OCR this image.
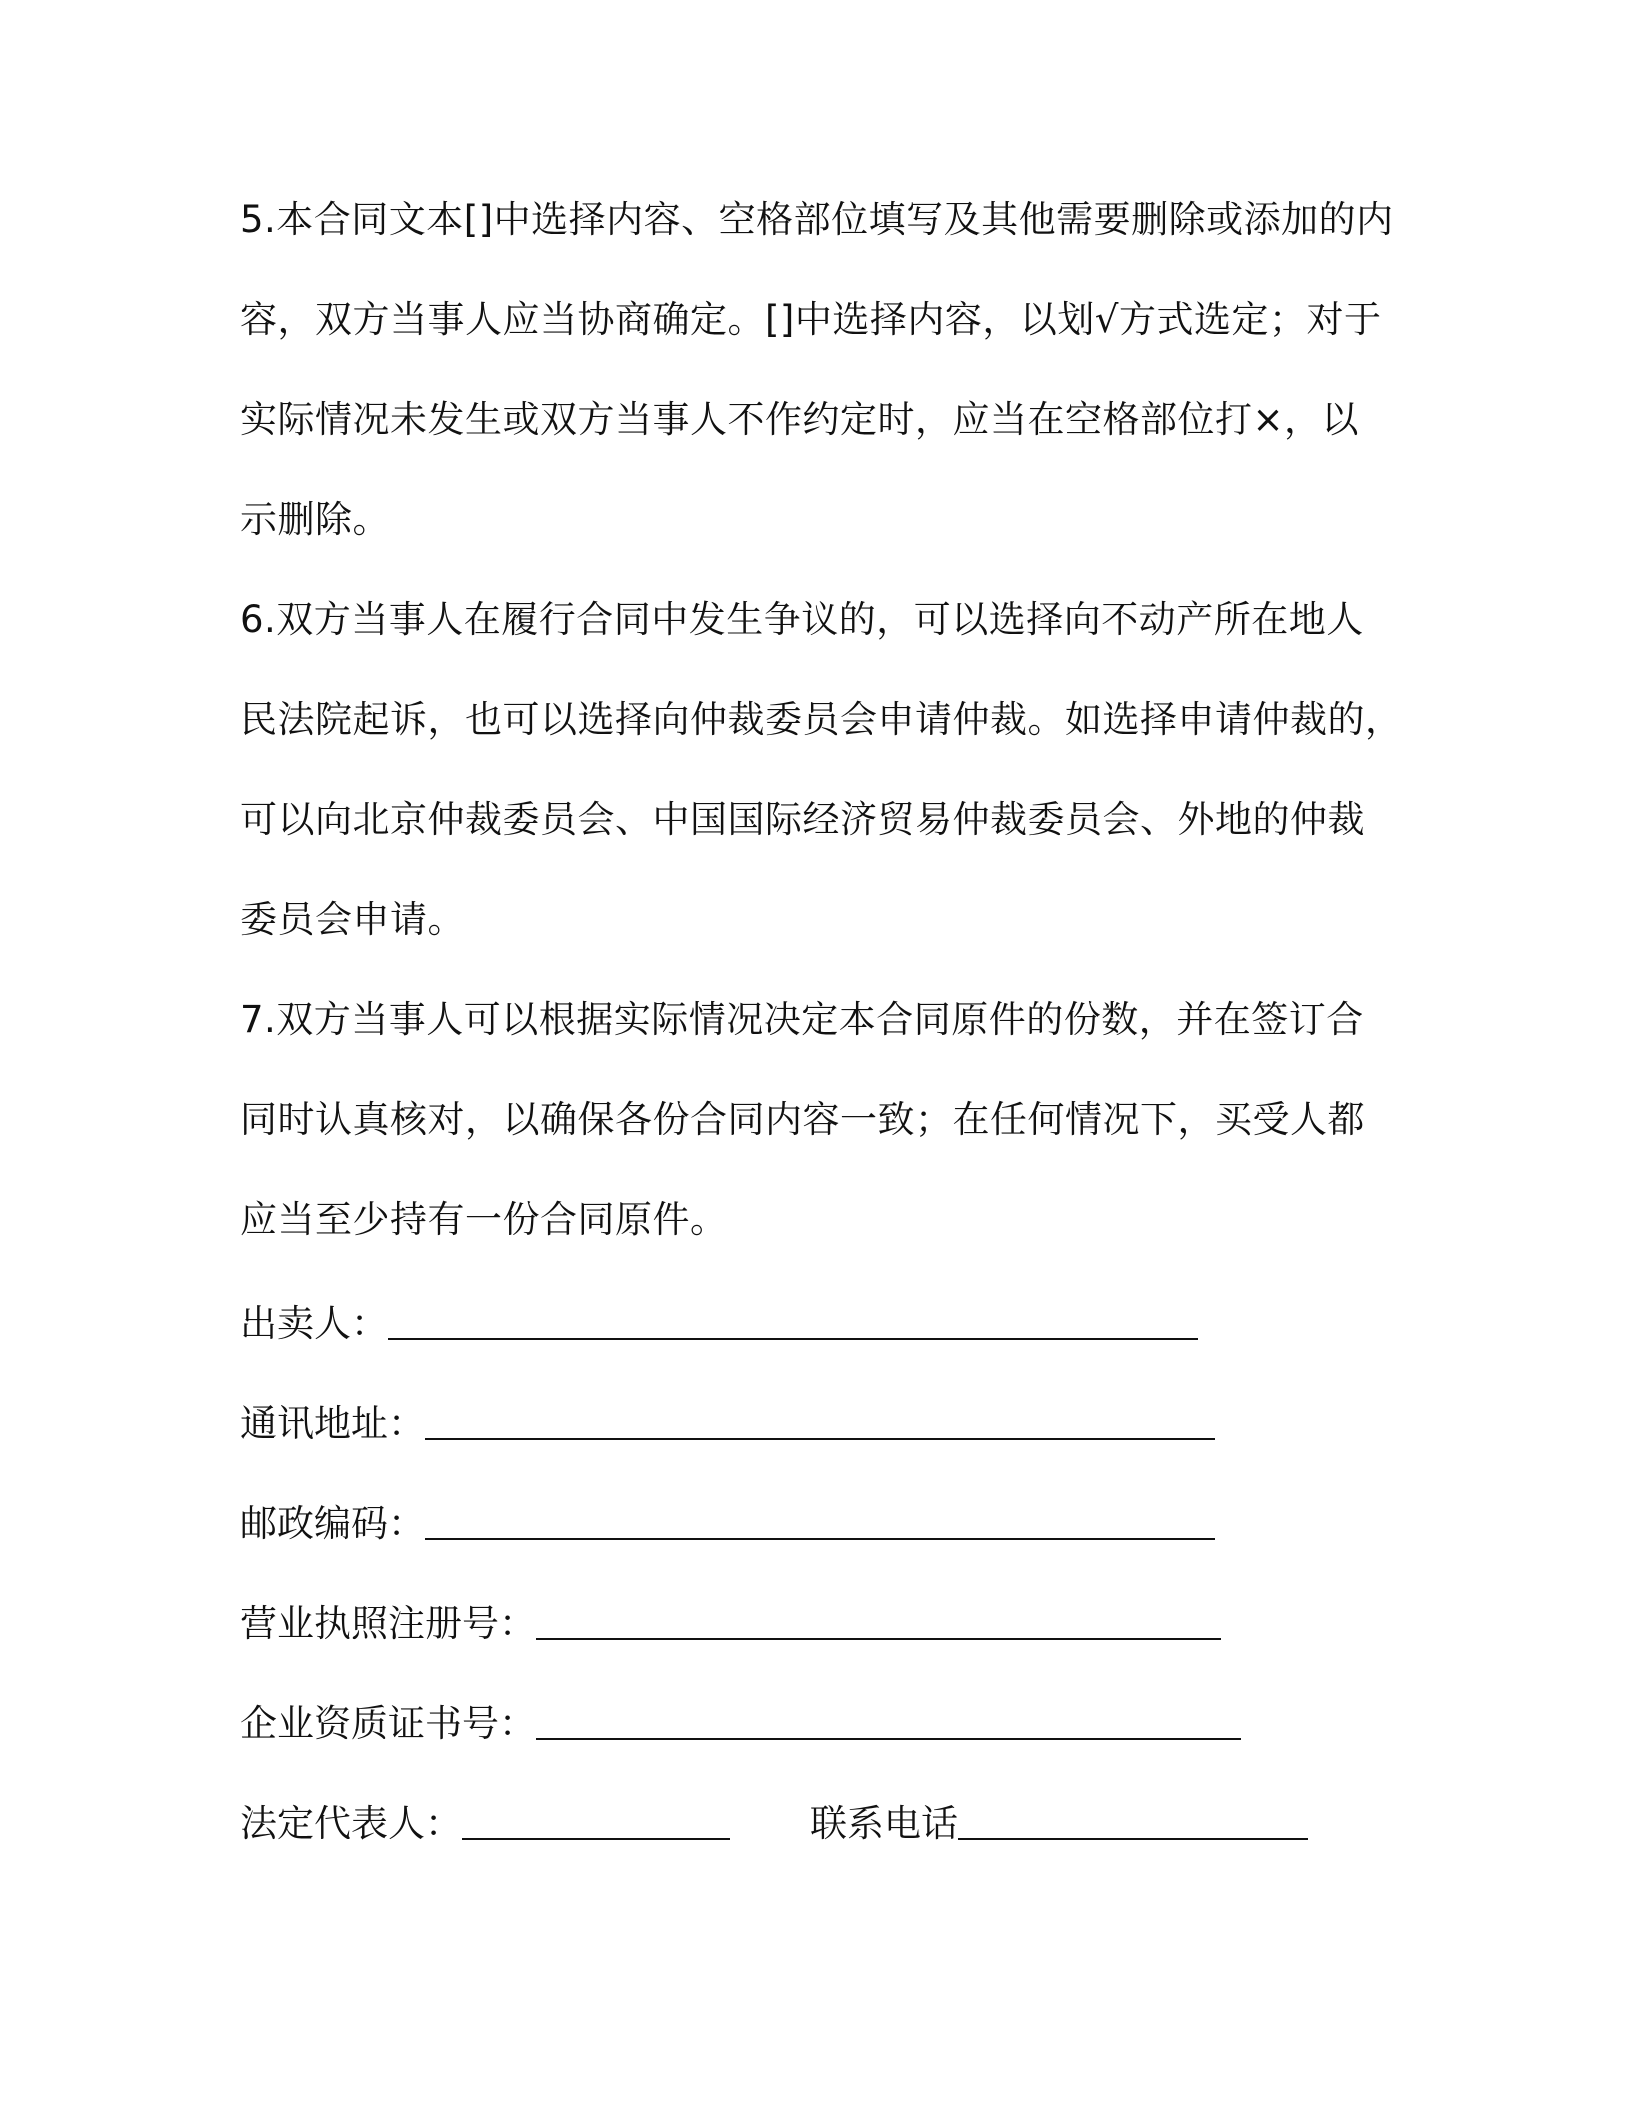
5.本合同文本[]中选择内容、空格部位填写及其他需要删除或添加的内
容，双方当事人应当协商确定。[]中选择内容，以划√方式选定；对于
实际情况未发生或双方当事人不作约定时，应当在空格部位打×，以
示删除。
6.双方当事人在履行合同中发生争议的，可以选择向不动产所在地人
民法院起诉，也可以选择向仲裁委员会申请仲裁。如选择申请仲裁的，
可以向北京仲裁委员会、中国国际经济贸易仲裁委员会、外地的仲裁
委员会申请。
7.双方当事人可以根据实际情况决定本合同原件的份数，并在签订合
同时认真核对，以确保各份合同内容一致；在任何情况下，买受人都
应当至少持有一份合同原件。
出卖人：
通讯地址：
邮政编码：
营业执照注册号：
企业资质证书号：
法定代表人：	联系电话
